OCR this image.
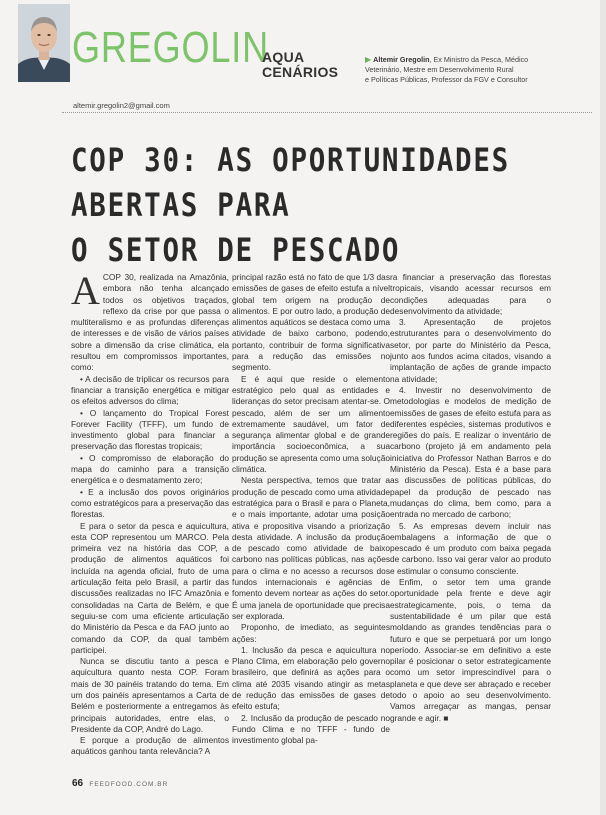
GREGOLIN
AQUA
CENÁRIOS
▶ Altemir Gregolin, Ex Ministro da Pesca, Médico
Veterinário, Mestre em Desenvolvimento Rural
e Políticas Públicas, Professor da FGV e Consultor
altemir.gregolin2@gmail.com
COP 30: AS OPORTUNIDADES
ABERTAS PARA
O SETOR DE PESCADO

ACOP 30, realizada na Amazônia, embora não tenha alcançado todos os objetivos traçados, reflexo da crise por que passa o multiteralismo e as profundas diferenças de interesses e de visão de vários países sobre a dimensão da crise climática, ela resultou em compromissos importantes, como:

• A decisão de triplicar os recursos para financiar a transição energética e mitigar os efeitos adversos do clima;

• O lançamento do Tropical Forest Forever Facility (TFFF), um fundo de investimento global para financiar a preservação das florestas tropicais;

• O compromisso de elaboração do mapa do caminho para a transição energética e o desmatamento zero;

• E a inclusão dos povos originários como estratégicos para a preservação das florestas.

E para o setor da pesca e aquicultura, esta COP representou um MARCO. Pela primeira vez na história das COP, a produção de alimentos aquáticos foi incluída na agenda oficial, fruto de uma articulação feita pelo Brasil, a partir das discussões realizadas no IFC Amazônia e consolidadas na Carta de Belém, e que seguiu-se com uma eficiente articulação do Ministério da Pesca e da FAO junto ao comando da COP, da qual também participei.

Nunca se discutiu tanto a pesca e aquicultura quanto nesta COP. Foram mais de 30 painéis tratando do tema. Em um dos painéis apresentamos a Carta de Belém e posteriormente a entregamos às principais autoridades, entre elas, o Presidente da COP, André do Lago.

E porque a produção de alimentos aquáticos ganhou tanta relevância? A

principal razão está no fato de que 1/3 das emissões de gases de efeito estufa a nível global tem origem na produção de alimentos. E por outro lado, a produção de alimentos aquáticos se destaca como uma atividade de baixo carbono, podendo, portanto, contribuir de forma significativa para a redução das emissões no segmento.

E é aqui que reside o elemento estratégico pelo qual as entidades e lideranças do setor precisam atentar-se. O pescado, além de ser um alimento extremamente saudável, um fator de segurança alimentar global e de grande importância socioeconômica, a sua produção se apresenta como uma solução climática.

Nesta perspectiva, temos que tratar a produção de pescado como uma atividade estratégica para o Brasil e para o Planeta, e o mais importante, adotar uma posição ativa e propositiva visando a priorização desta atividade. A inclusão da produção de pescado como atividade de baixo carbono nas políticas públicas, nas ações para o clima e no acesso a recursos dos fundos internacionais e agências de fomento devem nortear as ações do setor. É uma janela de oportunidade que precisa ser explorada.

Proponho, de imediato, as seguintes ações:

1. Inclusão da pesca e aquicultura no Plano Clima, em elaboração pelo governo brasileiro, que definirá as ações para o clima até 2035 visando atingir as metas de redução das emissões de gases de efeito estufa;

2. Inclusão da produção de pescado no Fundo Clima e no TFFF - fundo de investimento global pa-

ra financiar a preservação das florestas tropicais, visando acessar recursos em condições adequadas para o desenvolvimento da atividade;

3. Apresentação de projetos estruturantes para o desenvolvimento do setor, por parte do Ministério da Pesca, junto aos fundos acima citados, visando a implantação de ações de grande impacto na atividade;

4. Investir no desenvolvimento de metodologias e modelos de medição de emissões de gases de efeito estufa para as diferentes espécies, sistemas produtivos e regiões do país. E realizar o inventário de carbono (projeto já em andamento pela iniciativa do Professor Nathan Barros e do Ministério da Pesca). Esta é a base para as discussões de políticas públicas, do papel da produção de pescado nas mudanças do clima, bem como, para a entrada no mercado de carbono;

5. As empresas devem incluir nas embalagens a informação de que o pescado é um produto com baixa pegada de carbono. Isso vai gerar valor ao produto e estimular o consumo consciente.

Enfim, o setor tem uma grande oportunidade pela frente e deve agir estrategicamente, pois, o tema da sustentabilidade é um pilar que está moldando as grandes tendências para o futuro e que se perpetuará por um longo período. Associar-se em definitivo a este pilar é posicionar o setor estrategicamente como um setor imprescindível para o planeta e que deve ser abraçado e receber todo o apoio ao seu desenvolvimento. Vamos arregaçar as mangas, pensar grande e agir. ■

66 FEEDFOOD.COM.BR
